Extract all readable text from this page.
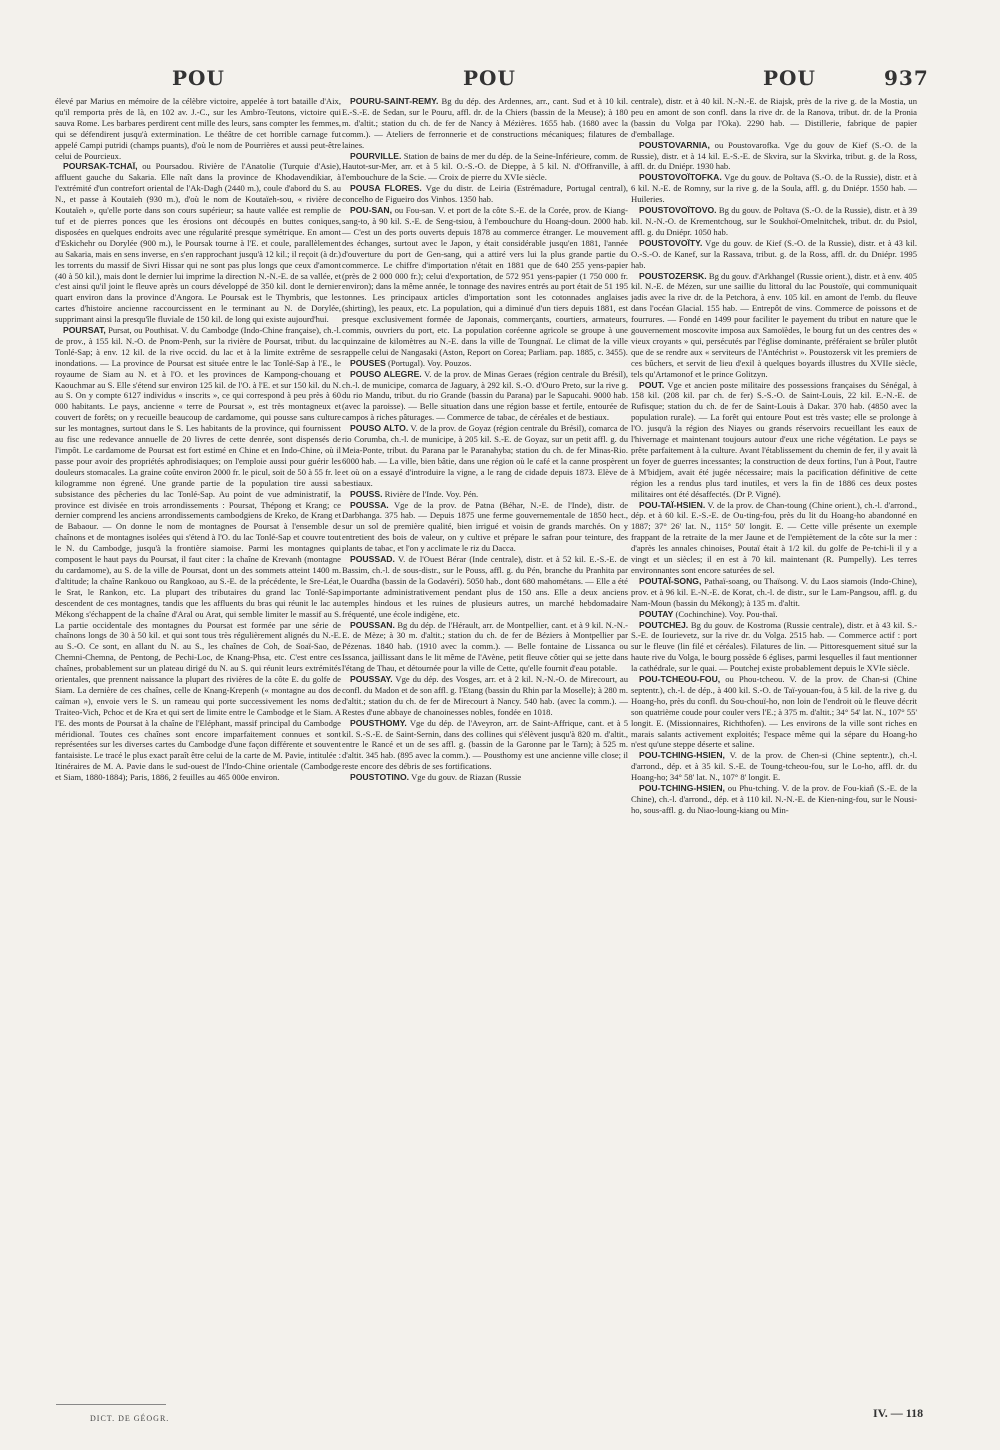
POU	POU	POU	937

élevé par Marius en mémoire de la célèbre victoire, appelée à tort bataille d'Aix, qu'il remporta près de là, en 102 av. J.-C., sur les Ambro-Teutons, victoire qui sauva Rome. Les barbares perdirent cent mille des leurs, sans compter les femmes, qui se défendirent jusqu'à extermination. Le théâtre de cet horrible carnage fut appelé Campi putridi (champs puants), d'où le nom de Pourrières et aussi peut-être celui de Pourcieux.

POURSAK-TCHAÏ, ou Poursadou. Rivière de l'Anatolie (Turquie d'Asie), affluent gauche du Sakaria. Elle naît dans la province de Khodavendikiar, à l'extrémité d'un contrefort oriental de l'Ak-Dagh (2440 m.), coule d'abord du S. au N., et passe à Koutaïeh (930 m.), d'où le nom de Koutaïeh-sou, « rivière de Koutaïeh », qu'elle porte dans son cours supérieur; sa haute vallée est remplie de tuf et de pierres ponces que les érosions ont découpés en buttes coniques, disposées en quelques endroits avec une régularité presque symétrique. En amont d'Eskichehr ou Dorylée (900 m.), le Poursak tourne à l'E. et coule, parallèlement au Sakaria, mais en sens inverse, en s'en rapprochant jusqu'à 12 kil.; il reçoit (à dr.) les torrents du massif de Sivri Hissar qui ne sont pas plus longs que ceux d'amont (40 à 50 kil.), mais dont le dernier lui imprime la direction N.-N.-E. de sa vallée, et c'est ainsi qu'il joint le fleuve après un cours développé de 350 kil. dont le dernier quart environ dans la province d'Angora. Le Poursak est le Thymbris, que les cartes d'histoire ancienne raccourcissent en le terminant au N. de Dorylée, supprimant ainsi la presqu'île fluviale de 150 kil. de long qui existe aujourd'hui.

POURSAT, Pursat, ou Pouthisat. V. du Cambodge (Indo-Chine française), ch.-l. de prov., à 155 kil. N.-O. de Pnom-Penh, sur la rivière de Poursat, tribut. du lac Tonlé-Sap; à env. 12 kil. de la rive occid. du lac et à la limite extrême de ses inondations. — La province de Poursat est située entre le lac Tonlé-Sap à l'E., le royaume de Siam au N. et à l'O. et les provinces de Kampong-chouang et Kaouchmar au S. Elle s'étend sur environ 125 kil. de l'O. à l'E. et sur 150 kil. du N. au S. On y compte 6127 individus « inscrits », ce qui correspond à peu près à 60 000 habitants. Le pays, ancienne « terre de Poursat », est très montagneux et couvert de forêts; on y recueille beaucoup de cardamome, qui pousse sans culture sur les montagnes, surtout dans le S. Les habitants de la province, qui fournissent au fisc une redevance annuelle de 20 livres de cette denrée, sont dispensés de l'impôt. Le cardamome de Poursat est fort estimé en Chine et en Indo-Chine, où il passe pour avoir des propriétés aphrodisiaques; on l'emploie aussi pour guérir les douleurs stomacales. La graine coûte environ 2000 fr. le picul, soit de 50 à 55 fr. le kilogramme non égrené. Une grande partie de la population tire aussi sa subsistance des pêcheries du lac Tonlé-Sap. Au point de vue administratif, la province est divisée en trois arrondissements : Poursat, Thépong et Krang; ce dernier comprend les anciens arrondissements cambodgiens de Kreko, de Krang et de Babaour. — On donne le nom de montagnes de Poursat à l'ensemble de chaînons et de montagnes isolées qui s'étend à l'O. du lac Tonlé-Sap et couvre tout le N. du Cambodge, jusqu'à la frontière siamoise. Parmi les montagnes qui composent le haut pays du Poursat, il faut citer : la chaîne de Krevanh (montagne du cardamome), au S. de la ville de Poursat, dont un des sommets atteint 1400 m. d'altitude; la chaîne Rankouo ou Rangkoao, au S.-E. de la précédente, le Sre-Léat, le Srat, le Rankon, etc. La plupart des tributaires du grand lac Tonlé-Sap descendent de ces montagnes, tandis que les affluents du bras qui réunit le lac au Mékong s'échappent de la chaîne d'Aral ou Arat, qui semble limiter le massif au S. La partie occidentale des montagnes du Poursat est formée par une série de chaînons longs de 30 à 50 kil. et qui sont tous très régulièrement alignés du N.-E. au S.-O. Ce sont, en allant du N. au S., les chaînes de Coh, de Soaï-Sao, de Chemni-Chemna, de Pentong, de Pechi-Loc, de Knang-Phsa, etc. C'est entre ces chaînes, probablement sur un plateau dirigé du N. au S. qui réunit leurs extrémités orientales, que prennent naissance la plupart des rivières de la côte E. du golfe de Siam. La dernière de ces chaînes, celle de Knang-Krepenh (« montagne au dos de caïman »), envoie vers le S. un rameau qui porte successivement les noms de Traiteo-Vich, Pchoc et de Kra et qui sert de limite entre le Cambodge et le Siam. A l'E. des monts de Poursat à la chaîne de l'Eléphant, massif principal du Cambodge méridional. Toutes ces chaînes sont encore imparfaitement connues et sont représentées sur les diverses cartes du Cambodge d'une façon différente et souvent fantaisiste. Le tracé le plus exact paraît être celui de la carte de M. Pavie, intitulée : Itinéraires de M. A. Pavie dans le sud-ouest de l'Indo-Chine orientale (Cambodge et Siam, 1880-1884); Paris, 1886, 2 feuilles au 465 000e environ.

POURU-SAINT-REMY. Bg du dép. des Ardennes, arr., cant. Sud et à 10 kil. E.-S.-E. de Sedan, sur le Pouru, affl. dr. de la Chiers (bassin de la Meuse); à 180 m. d'altit.; station du ch. de fer de Nancy à Mézières. 1655 hab. (1680 avec la comm.). — Ateliers de ferronnerie et de constructions mécaniques; filatures de laines.

POURVILLE. Station de bains de mer du dép. de la Seine-Inférieure, comm. de Hautot-sur-Mer, arr. et à 5 kil. O.-S.-O. de Dieppe, à 5 kil. N. d'Offranville, à l'embouchure de la Scie. — Croix de pierre du XVIe siècle.

POUSA FLORES. Vge du distr. de Leiria (Estrémadure, Portugal central), concelho de Figueiro dos Vinhos. 1350 hab.

POU-SAN, ou Fou-san. V. et port de la côte S.-E. de la Corée, prov. de Kiang-sang-to, à 90 kil. S.-E. de Seng-tsiou, à l'embouchure du Hoang-doun. 2000 hab. — C'est un des ports ouverts depuis 1878 au commerce étranger. Le mouvement des échanges, surtout avec le Japon, y était considérable jusqu'en 1881, l'année d'ouverture du port de Gen-sang, qui a attiré vers lui la plus grande partie du commerce. Le chiffre d'importation n'était en 1881 que de 640 255 yens-papier (près de 2 000 000 fr.); celui d'exportation, de 572 951 yens-papier (1 750 000 fr. environ); dans la même année, le tonnage des navires entrés au port était de 51 195 tonnes. Les principaux articles d'importation sont les cotonnades anglaises (shirting), les peaux, etc. La population, qui a diminué d'un tiers depuis 1881, est presque exclusivement formée de Japonais, commerçants, courtiers, armateurs, commis, ouvriers du port, etc. La population coréenne agricole se groupe à une quinzaine de kilomètres au N.-E. dans la ville de Toungnaï. Le climat de la ville rappelle celui de Nangasaki (Aston, Report on Corea; Parliam. pap. 1885, c. 3455).

POUSES (Portugal). Voy. Pouzos.

POUSO ALEGRE. V. de la prov. de Minas Geraes (région centrale du Brésil), ch.-l. de municipe, comarca de Jaguary, à 292 kil. S.-O. d'Ouro Preto, sur la rive g. du rio Mandu, tribut. du rio Grande (bassin du Parana) par le Sapucahi. 9000 hab. (avec la paroisse). — Belle situation dans une région basse et fertile, entourée de campos à riches pâturages. — Commerce de tabac, de céréales et de bestiaux.

POUSO ALTO. V. de la prov. de Goyaz (région centrale du Brésil), comarca de rio Corumba, ch.-l. de municipe, à 205 kil. S.-E. de Goyaz, sur un petit affl. g. du Meia-Ponte, tribut. du Parana par le Paranahyba; station du ch. de fer Minas-Rio. 6000 hab. — La ville, bien bâtie, dans une région où le café et la canne prospèrent et où on a essayé d'introduire la vigne, a le rang de cidade depuis 1873. Elève de bestiaux.

POUSS. Rivière de l'Inde. Voy. Pén.

POUSSA. Vge de la prov. de Patna (Béhar, N.-E. de l'Inde), distr. de Darbhanga. 375 hab. — Depuis 1875 une ferme gouvernementale de 1850 hect., sur un sol de première qualité, bien irrigué et voisin de grands marchés. On y entretient des bois de valeur, on y cultive et prépare le safran pour teinture, des plants de tabac, et l'on y acclimate le riz du Dacca.

POUSSAD. V. de l'Ouest Bérar (Inde centrale), distr. et à 52 kil. E.-S.-E. de Bassim, ch.-l. de sous-distr., sur le Pouss, affl. g. du Pén, branche du Pranhita par le Ouardha (bassin de la Godavéri). 5050 hab., dont 680 mahométans. — Elle a été importante administrativement pendant plus de 150 ans. Elle a deux anciens temples hindous et les ruines de plusieurs autres, un marché hebdomadaire fréquenté, une école indigène, etc.

POUSSAN. Bg du dép. de l'Hérault, arr. de Montpellier, cant. et à 9 kil. N.-N.-E. de Mèze; à 30 m. d'altit.; station du ch. de fer de Béziers à Montpellier par Pézenas. 1840 hab. (1910 avec la comm.). — Belle fontaine de Lissanca ou Issanca, jaillissant dans le lit même de l'Avène, petit fleuve côtier qui se jette dans l'étang de Thau, et détournée pour la ville de Cette, qu'elle fournit d'eau potable.

POUSSAY. Vge du dép. des Vosges, arr. et à 2 kil. N.-N.-O. de Mirecourt, au confl. du Madon et de son affl. g. l'Etang (bassin du Rhin par la Moselle); à 280 m. d'altit.; station du ch. de fer de Mirecourt à Nancy. 540 hab. (avec la comm.). — Restes d'une abbaye de chanoinesses nobles, fondée en 1018.

POUSTHOMY. Vge du dép. de l'Aveyron, arr. de Saint-Affrique, cant. et à 5 kil. S.-S.-E. de Saint-Sernin, dans des collines qui s'élèvent jusqu'à 820 m. d'altit., entre le Rancé et un de ses affl. g. (bassin de la Garonne par le Tarn); à 525 m. d'altit. 345 hab. (895 avec la comm.). — Pousthomy est une ancienne ville close; il reste encore des débris de ses fortifications.

POUSTOTINO. Vge du gouv. de Riazan (Russie

centrale), distr. et à 40 kil. N.-N.-E. de Riajsk, près de la rive g. de la Mostia, un peu en amont de son confl. dans la rive dr. de la Ranova, tribut. dr. de la Pronia (bassin du Volga par l'Oka). 2290 hab. — Distillerie, fabrique de papier d'emballage.

POUSTOVARNIA, ou Poustovarofka. Vge du gouv de Kief (S.-O. de la Russie), distr. et à 14 kil. E.-S.-E. de Skvira, sur la Skvirka, tribut. g. de la Ross, affl. dr. du Dniépr. 1930 hab.

POUSTOVOÏTOFKA. Vge du gouv. de Poltava (S.-O. de la Russie), distr. et à 6 kil. N.-E. de Romny, sur la rive g. de la Soula, affl. g. du Dniépr. 1550 hab. — Huileries.

POUSTOVOÏTOVO. Bg du gouv. de Poltava (S.-O. de la Russie), distr. et à 39 kil. N.-N.-O. de Krementchoug, sur le Soukhoï-Omelnitchek, tribut. dr. du Psiol, affl. g. du Dniépr. 1050 hab.

POUSTOVOÏTY. Vge du gouv. de Kief (S.-O. de la Russie), distr. et à 43 kil. O.-S.-O. de Kanef, sur la Rassava, tribut. g. de la Ross, affl. dr. du Dniépr. 1995 hab.

POUSTOZERSK. Bg du gouv. d'Arkhangel (Russie orient.), distr. et à env. 405 kil. N.-E. de Mézen, sur une saillie du littoral du lac Poustoïe, qui communiquait jadis avec la rive dr. de la Petchora, à env. 105 kil. en amont de l'emb. du fleuve dans l'océan Glacial. 155 hab. — Entrepôt de vins. Commerce de poissons et de fourrures. — Fondé en 1499 pour faciliter le payement du tribut en nature que le gouvernement moscovite imposa aux Samoïèdes, le bourg fut un des centres des « vieux croyants » qui, persécutés par l'église dominante, préféraient se brûler plutôt que de se rendre aux « serviteurs de l'Antéchrist ». Poustozersk vit les premiers de ces bûchers, et servit de lieu d'exil à quelques boyards illustres du XVIIe siècle, tels qu'Artamonof et le prince Golitzyn.

POUT. Vge et ancien poste militaire des possessions françaises du Sénégal, à 158 kil. (208 kil. par ch. de fer) S.-S.-O. de Saint-Louis, 22 kil. E.-N.-E. de Rufisque; station du ch. de fer de Saint-Louis à Dakar. 370 hab. (4850 avec la population rurale). — La forêt qui entoure Pout est très vaste; elle se prolonge à l'O. jusqu'à la région des Niayes ou grands réservoirs recueillant les eaux de l'hivernage et maintenant toujours autour d'eux une riche végétation. Le pays se prête parfaitement à la culture. Avant l'établissement du chemin de fer, il y avait là un foyer de guerres incessantes; la construction de deux fortins, l'un à Pout, l'autre à M'bidjem, avait été jugée nécessaire; mais la pacification définitive de cette région les a rendus plus tard inutiles, et vers la fin de 1886 ces deux postes militaires ont été désaffectés. (Dr P. Vigné).

POU-TAÏ-HSIEN. V. de la prov. de Chan-toung (Chine orient.), ch.-l. d'arrond., dép. et à 60 kil. E.-S.-E. de Ou-ting-fou, près du lit du Hoang-ho abandonné en 1887; 37° 26' lat. N., 115° 50' longit. E. — Cette ville présente un exemple frappant de la retraite de la mer Jaune et de l'empiètement de la côte sur la mer : d'après les annales chinoises, Poutaï était à 1/2 kil. du golfe de Pe-tchi-li il y a vingt et un siècles; il en est à 70 kil. maintenant (R. Pumpelly). Les terres environnantes sont encore saturées de sel.

POUTAÏ-SONG, Pathaï-soang, ou Thaïsong. V. du Laos siamois (Indo-Chine), prov. et à 96 kil. E.-N.-E. de Korat, ch.-l. de distr., sur le Lam-Pangsou, affl. g. du Nam-Moun (bassin du Mékong); à 135 m. d'altit.

POUTAY (Cochinchine). Voy. Pou-thaï.

POUTCHEJ. Bg du gouv. de Kostroma (Russie centrale), distr. et à 43 kil. S.-S.-E. de Iourievetz, sur la rive dr. du Volga. 2515 hab. — Commerce actif : port sur le fleuve (lin filé et céréales). Filatures de lin. — Pittoresquement situé sur la haute rive du Volga, le bourg possède 6 églises, parmi lesquelles il faut mentionner la cathédrale, sur le quai. — Poutchej existe probablement depuis le XVIe siècle.

POU-TCHEOU-FOU, ou Phou-tcheou. V. de la prov. de Chan-si (Chine septentr.), ch.-l. de dép., à 400 kil. S.-O. de Taï-youan-fou, à 5 kil. de la rive g. du Hoang-ho, près du confl. du Sou-chouï-ho, non loin de l'endroit où le fleuve décrit son quatrième coude pour couler vers l'E.; à 375 m. d'altit.; 34° 54' lat. N., 107° 55' longit. E. (Missionnaires, Richthofen). — Les environs de la ville sont riches en marais salants activement exploités; l'espace même qui la sépare du Hoang-ho n'est qu'une steppe déserte et saline.

POU-TCHING-HSIEN, V. de la prov. de Chen-si (Chine septentr.), ch.-l. d'arrond., dép. et à 35 kil. S.-E. de Toung-tcheou-fou, sur le Lo-ho, affl. dr. du Hoang-ho; 34° 58' lat. N., 107° 8' longit. E.

POU-TCHING-HSIEN, ou Phu-tching. V. de la prov. de Fou-kiaň (S.-E. de la Chine), ch.-l. d'arrond., dép. et à 110 kil. N.-N.-E. de Kien-ning-fou, sur le Nousi-ho, sous-affl. g. du Niao-loung-kiang ou Min-

DICT. DE GÉOGR.	IV. — 118
